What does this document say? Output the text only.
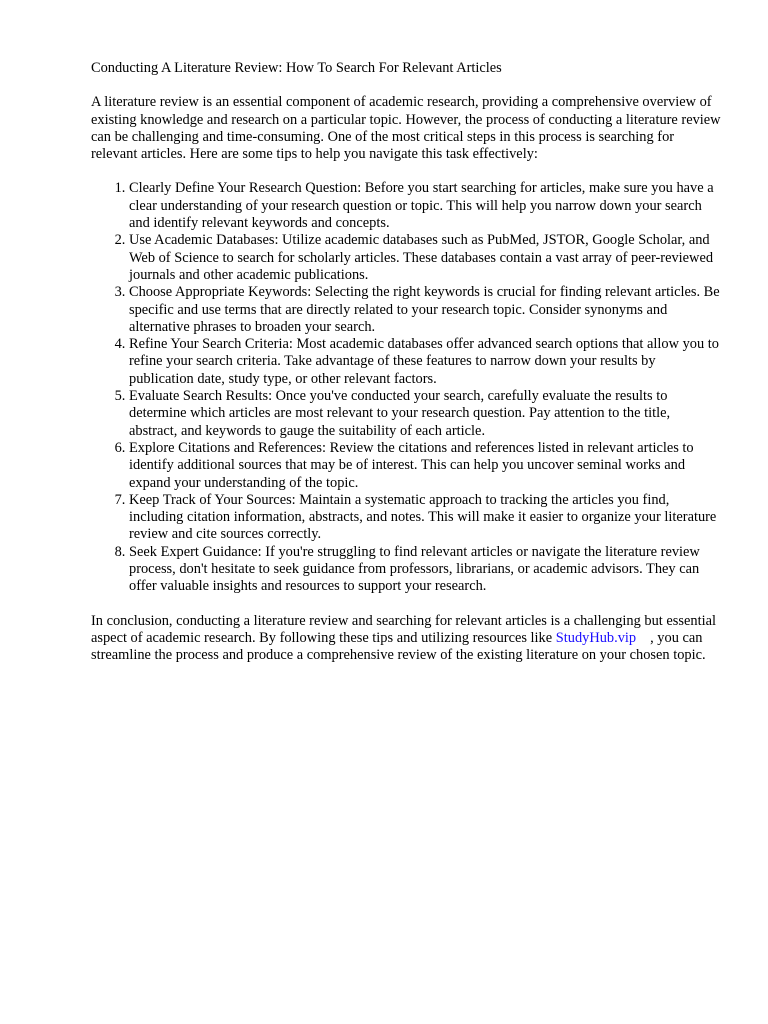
Conducting A Literature Review: How To Search For Relevant Articles

A literature review is an essential component of academic research, providing a comprehensive overview of existing knowledge and research on a particular topic. However, the process of conducting a literature review can be challenging and time-consuming. One of the most critical steps in this process is searching for relevant articles. Here are some tips to help you navigate this task effectively:

1. Clearly Define Your Research Question: Before you start searching for articles, make sure you have a clear understanding of your research question or topic. This will help you narrow down your search and identify relevant keywords and concepts.
2. Use Academic Databases: Utilize academic databases such as PubMed, JSTOR, Google Scholar, and Web of Science to search for scholarly articles. These databases contain a vast array of peer-reviewed journals and other academic publications.
3. Choose Appropriate Keywords: Selecting the right keywords is crucial for finding relevant articles. Be specific and use terms that are directly related to your research topic. Consider synonyms and alternative phrases to broaden your search.
4. Refine Your Search Criteria: Most academic databases offer advanced search options that allow you to refine your search criteria. Take advantage of these features to narrow down your results by publication date, study type, or other relevant factors.
5. Evaluate Search Results: Once you've conducted your search, carefully evaluate the results to determine which articles are most relevant to your research question. Pay attention to the title, abstract, and keywords to gauge the suitability of each article.
6. Explore Citations and References: Review the citations and references listed in relevant articles to identify additional sources that may be of interest. This can help you uncover seminal works and expand your understanding of the topic.
7. Keep Track of Your Sources: Maintain a systematic approach to tracking the articles you find, including citation information, abstracts, and notes. This will make it easier to organize your literature review and cite sources correctly.
8. Seek Expert Guidance: If you're struggling to find relevant articles or navigate the literature review process, don't hesitate to seek guidance from professors, librarians, or academic advisors. They can offer valuable insights and resources to support your research.

In conclusion, conducting a literature review and searching for relevant articles is a challenging but essential aspect of academic research. By following these tips and utilizing resources like StudyHub.vip , you can streamline the process and produce a comprehensive review of the existing literature on your chosen topic.
